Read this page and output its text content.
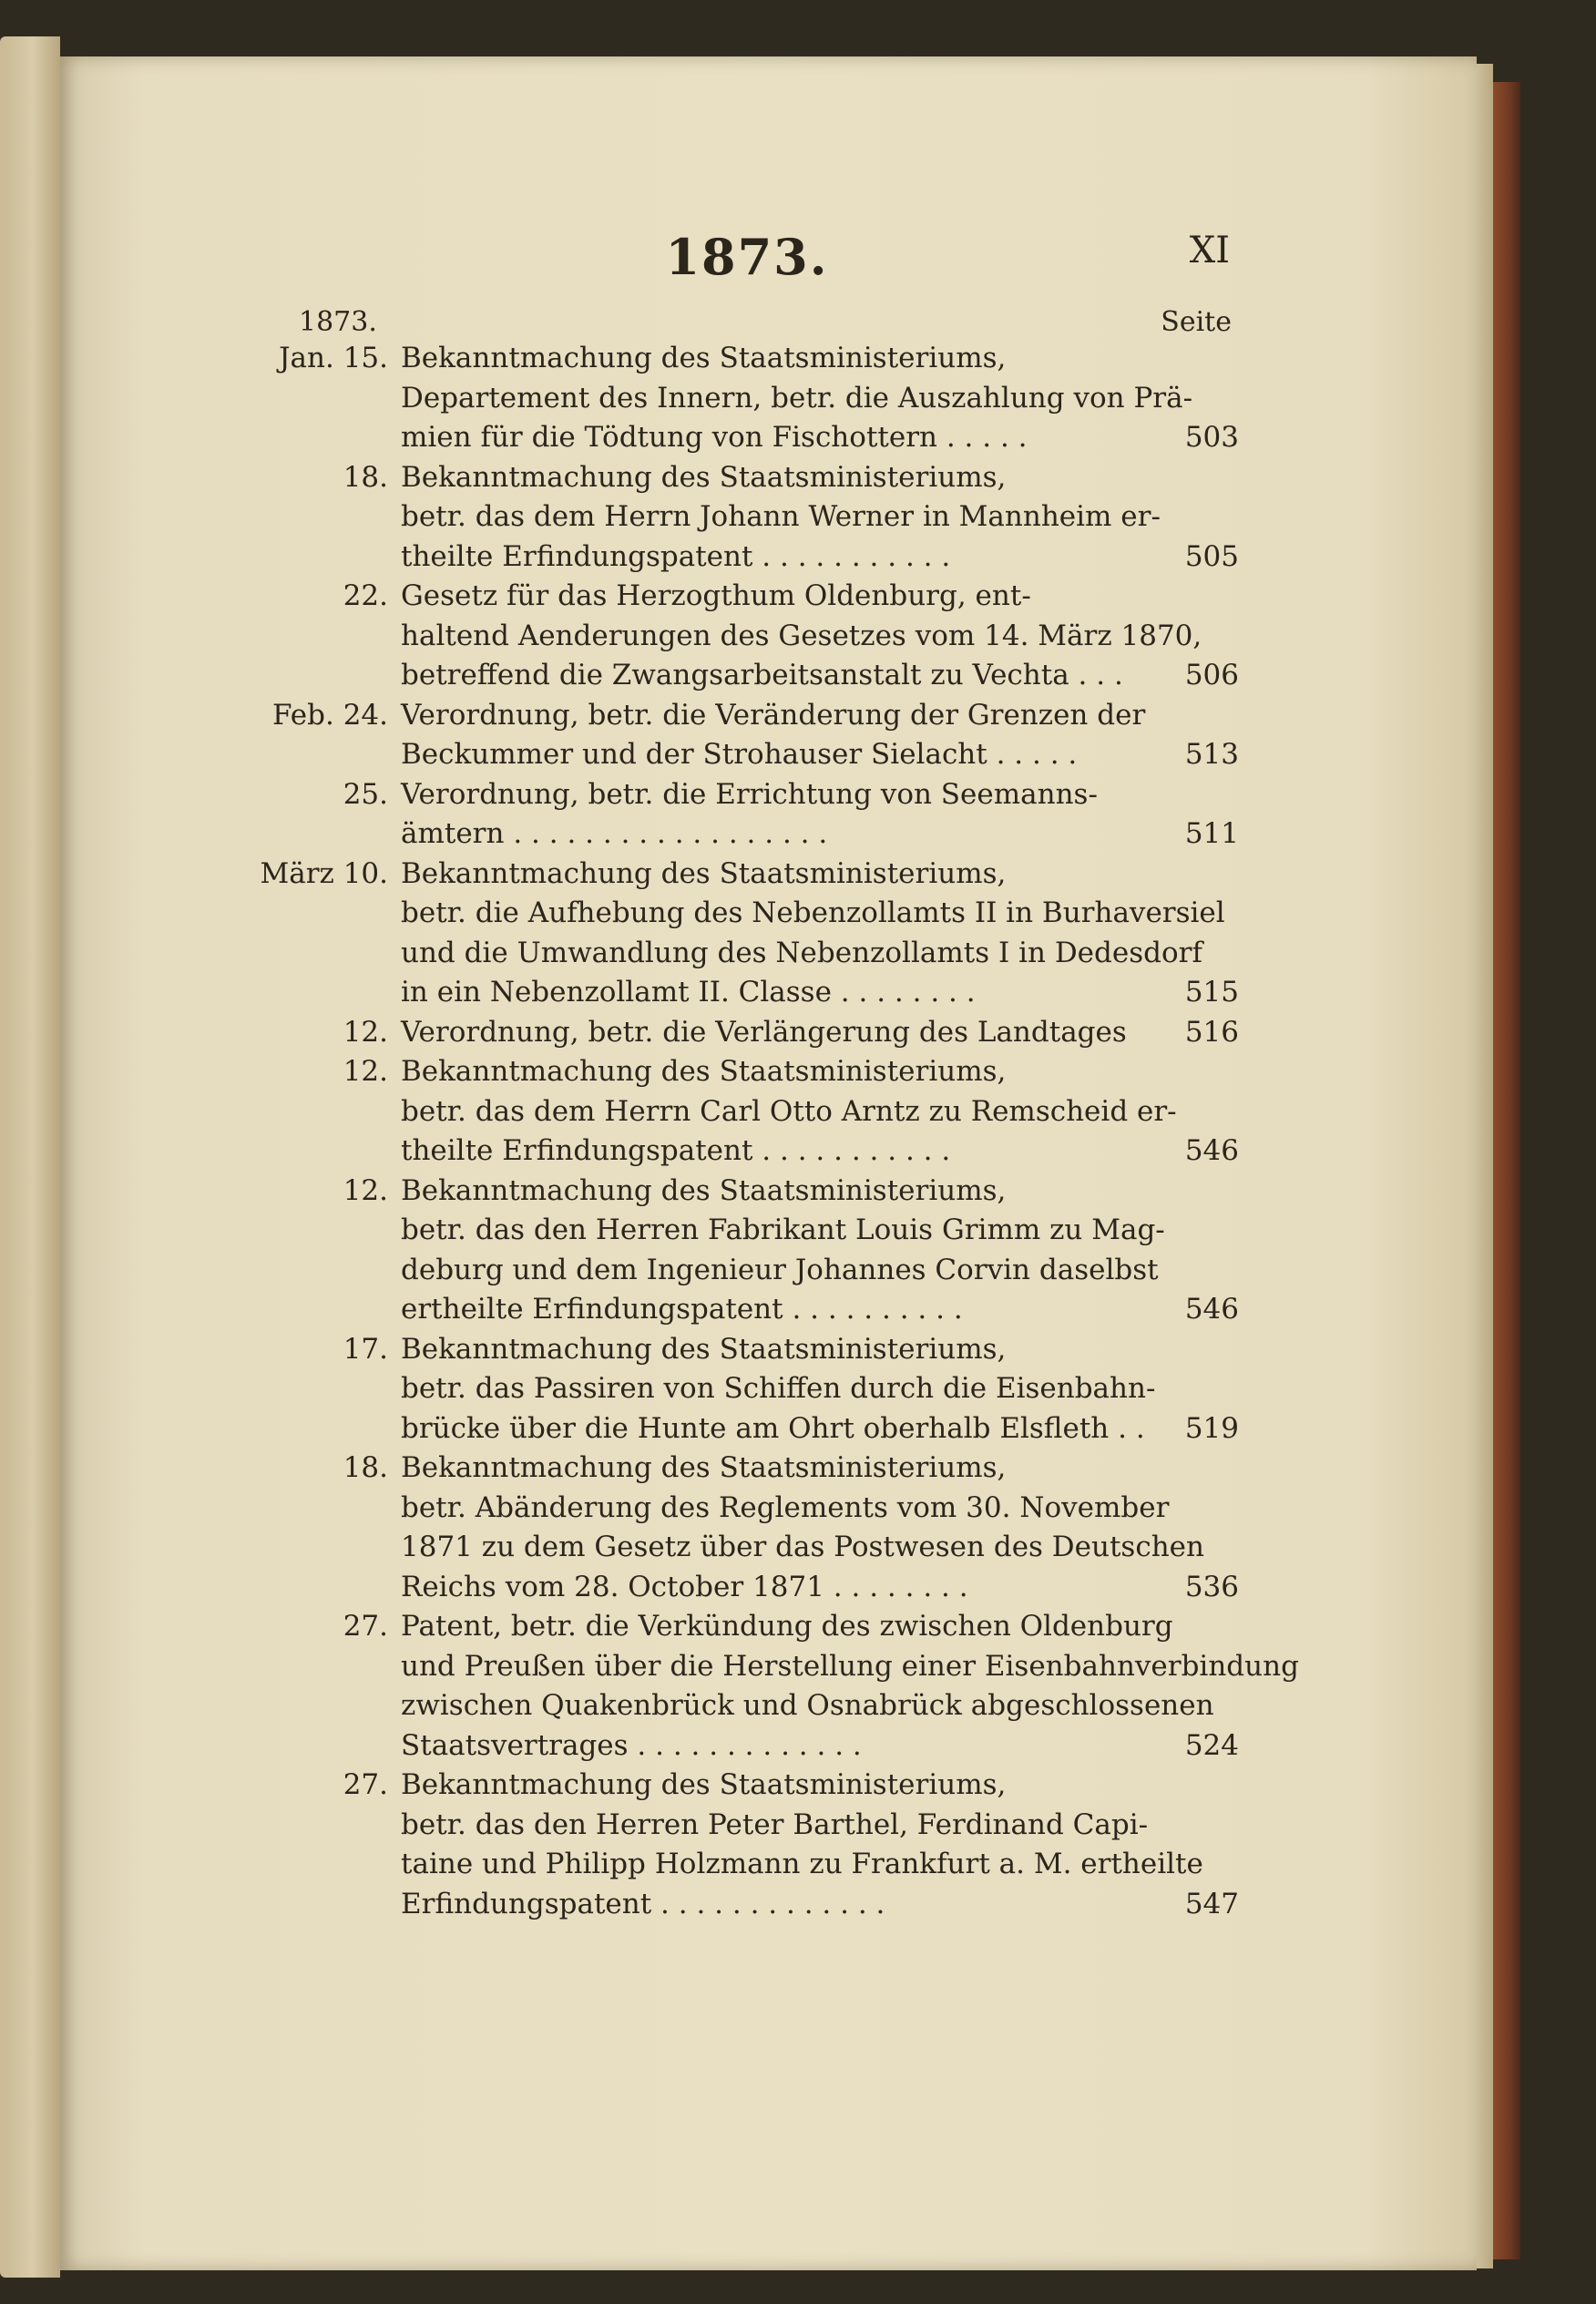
1873.	XI
1873.	Seite
Jan. 15. Bekanntmachung des Staatsministeriums,
Departement des Innern, betr. die Auszahlung von Prä-
mien für die Tödtung von Fischottern . . . . .	503
18. Bekanntmachung des Staatsministeriums,
betr. das dem Herrn Johann Werner in Mannheim er-
theilte Erfindungspatent . . . . . . . . . . .	505
22. Gesetz für das Herzogthum Oldenburg, ent-
haltend Aenderungen des Gesetzes vom 14. März 1870,
betreffend die Zwangsarbeitsanstalt zu Vechta . . .	506
Feb. 24. Verordnung, betr. die Veränderung der Grenzen der
Beckummer und der Strohauser Sielacht . . . . .	513
25. Verordnung, betr. die Errichtung von Seemanns-
ämtern . . . . . . . . . . . . . . . . . .	511
März 10. Bekanntmachung des Staatsministeriums,
betr. die Aufhebung des Nebenzollamts II in Burhaversiel
und die Umwandlung des Nebenzollamts I in Dedesdorf
in ein Nebenzollamt II. Classe . . . . . . . .	515
12. Verordnung, betr. die Verlängerung des Landtages	516
12. Bekanntmachung des Staatsministeriums,
betr. das dem Herrn Carl Otto Arntz zu Remscheid er-
theilte Erfindungspatent . . . . . . . . . . .	546
12. Bekanntmachung des Staatsministeriums,
betr. das den Herren Fabrikant Louis Grimm zu Mag-
deburg und dem Ingenieur Johannes Corvin daselbst
ertheilte Erfindungspatent . . . . . . . . . .	546
17. Bekanntmachung des Staatsministeriums,
betr. das Passiren von Schiffen durch die Eisenbahn-
brücke über die Hunte am Ohrt oberhalb Elsfleth . .	519
18. Bekanntmachung des Staatsministeriums,
betr. Abänderung des Reglements vom 30. November
1871 zu dem Gesetz über das Postwesen des Deutschen
Reichs vom 28. October 1871 . . . . . . . .	536
27. Patent, betr. die Verkündung des zwischen Oldenburg
und Preußen über die Herstellung einer Eisenbahnverbindung
zwischen Quakenbrück und Osnabrück abgeschlossenen
Staatsvertrages . . . . . . . . . . . . .	524
27. Bekanntmachung des Staatsministeriums,
betr. das den Herren Peter Barthel, Ferdinand Capi-
taine und Philipp Holzmann zu Frankfurt a. M. ertheilte
Erfindungspatent . . . . . . . . . . . . .	547
